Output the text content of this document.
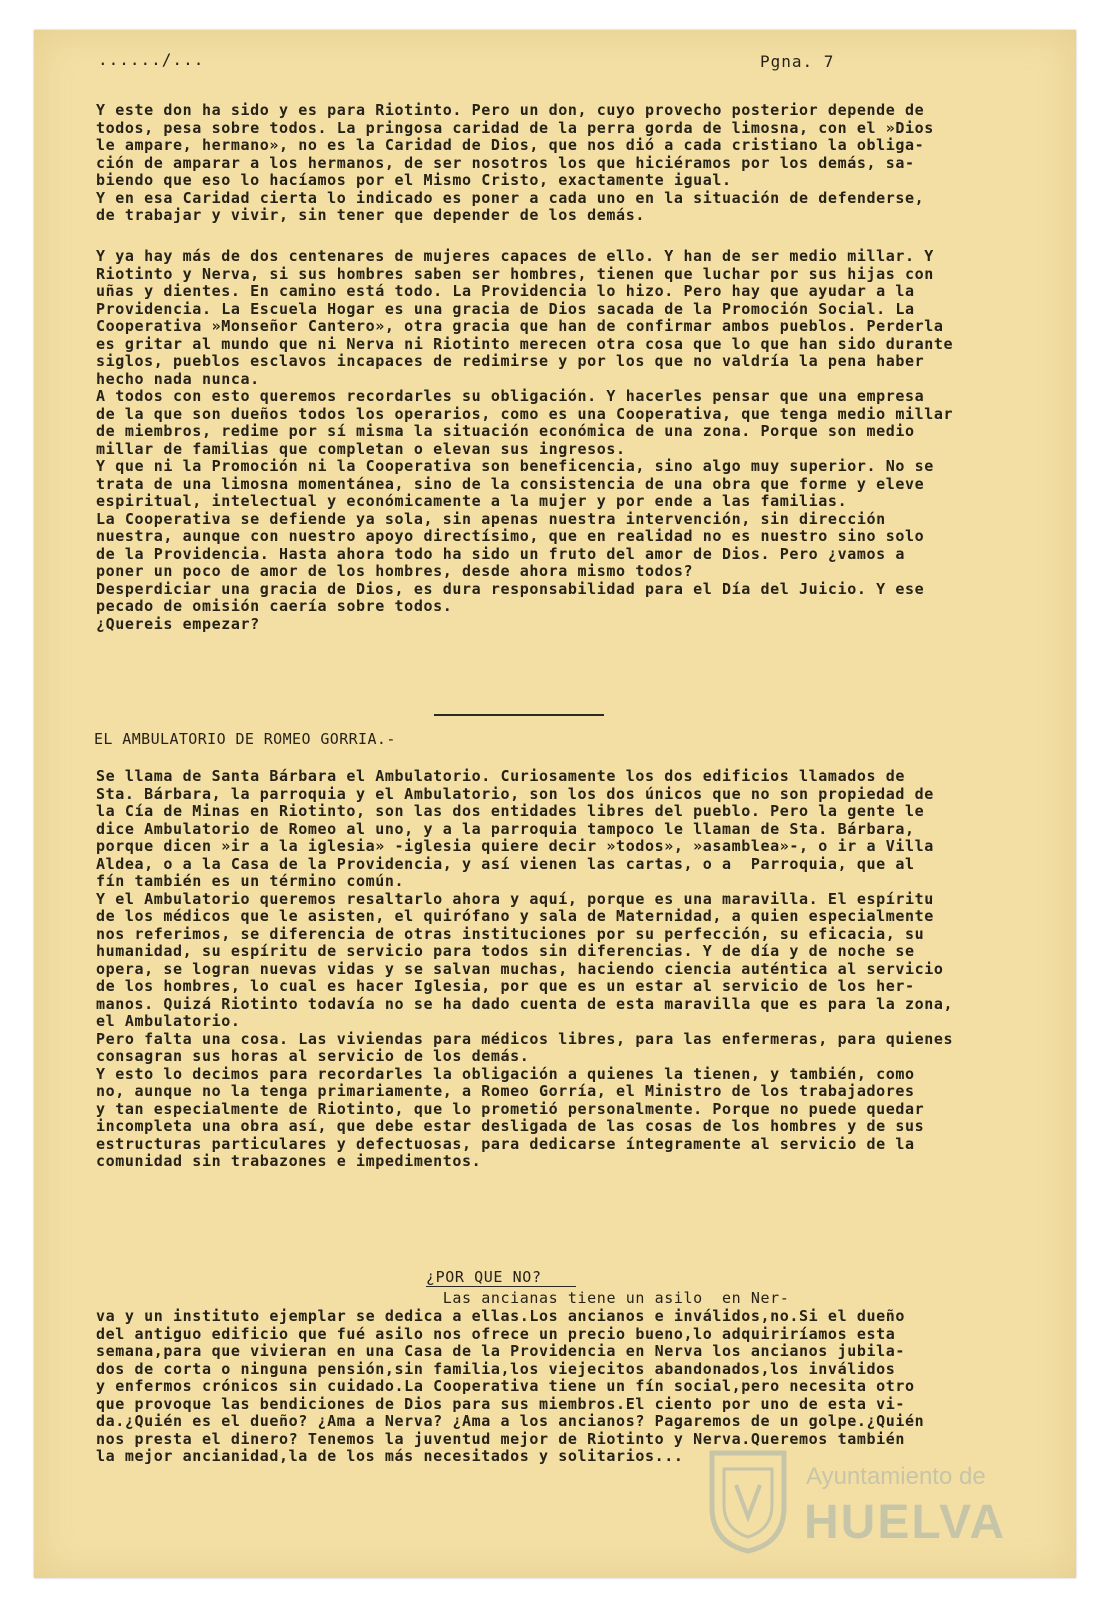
....../...	Pgna. 7

Y este don ha sido y es para Riotinto. Pero un don, cuyo provecho posterior depende de
todos, pesa sobre todos. La pringosa caridad de la perra gorda de limosna, con el »Dios
le ampare, hermano», no es la Caridad de Dios, que nos dió a cada cristiano la obliga-
ción de amparar a los hermanos, de ser nosotros los que hiciéramos por los demás, sa-
biendo que eso lo hacíamos por el Mismo Cristo, exactamente igual.
Y en esa Caridad cierta lo indicado es poner a cada uno en la situación de defenderse,
de trabajar y vivir, sin tener que depender de los demás.

Y ya hay más de dos centenares de mujeres capaces de ello. Y han de ser medio millar. Y
Riotinto y Nerva, si sus hombres saben ser hombres, tienen que luchar por sus hijas con
uñas y dientes. En camino está todo. La Providencia lo hizo. Pero hay que ayudar a la
Providencia. La Escuela Hogar es una gracia de Dios sacada de la Promoción Social. La
Cooperativa »Monseñor Cantero», otra gracia que han de confirmar ambos pueblos. Perderla
es gritar al mundo que ni Nerva ni Riotinto merecen otra cosa que lo que han sido durante
siglos, pueblos esclavos incapaces de redimirse y por los que no valdría la pena haber
hecho nada nunca.
A todos con esto queremos recordarles su obligación. Y hacerles pensar que una empresa
de la que son dueños todos los operarios, como es una Cooperativa, que tenga medio millar
de miembros, redime por sí misma la situación económica de una zona. Porque son medio
millar de familias que completan o elevan sus ingresos.
Y que ni la Promoción ni la Cooperativa son beneficencia, sino algo muy superior. No se
trata de una limosna momentánea, sino de la consistencia de una obra que forme y eleve
espiritual, intelectual y económicamente a la mujer y por ende a las familias.
La Cooperativa se defiende ya sola, sin apenas nuestra intervención, sin dirección
nuestra, aunque con nuestro apoyo directísimo, que en realidad no es nuestro sino solo
de la Providencia. Hasta ahora todo ha sido un fruto del amor de Dios. Pero ¿vamos a
poner un poco de amor de los hombres, desde ahora mismo todos?
Desperdiciar una gracia de Dios, es dura responsabilidad para el Día del Juicio. Y ese
pecado de omisión caería sobre todos.
¿Quereis empezar?

EL AMBULATORIO DE ROMEO GORRIA.-

Se llama de Santa Bárbara el Ambulatorio. Curiosamente los dos edificios llamados de
Sta. Bárbara, la parroquia y el Ambulatorio, son los dos únicos que no son propiedad de
la Cía de Minas en Riotinto, son las dos entidades libres del pueblo. Pero la gente le
dice Ambulatorio de Romeo al uno, y a la parroquia tampoco le llaman de Sta. Bárbara,
porque dicen »ir a la iglesia» -iglesia quiere decir »todos», »asamblea»-, o ir a Villa
Aldea, o a la Casa de la Providencia, y así vienen las cartas, o a  Parroquia, que al
fín también es un término común.
Y el Ambulatorio queremos resaltarlo ahora y aquí, porque es una maravilla. El espíritu
de los médicos que le asisten, el quirófano y sala de Maternidad, a quien especialmente
nos referimos, se diferencia de otras instituciones por su perfección, su eficacia, su
humanidad, su espíritu de servicio para todos sin diferencias. Y de día y de noche se
opera, se logran nuevas vidas y se salvan muchas, haciendo ciencia auténtica al servicio
de los hombres, lo cual es hacer Iglesia, por que es un estar al servicio de los her-
manos. Quizá Riotinto todavía no se ha dado cuenta de esta maravilla que es para la zona,
el Ambulatorio.
Pero falta una cosa. Las viviendas para médicos libres, para las enfermeras, para quienes
consagran sus horas al servicio de los demás.
Y esto lo decimos para recordarles la obligación a quienes la tienen, y también, como
no, aunque no la tenga primariamente, a Romeo Gorría, el Ministro de los trabajadores
y tan especialmente de Riotinto, que lo prometió personalmente. Porque no puede quedar
incompleta una obra así, que debe estar desligada de las cosas de los hombres y de sus
estructuras particulares y defectuosas, para dedicarse íntegramente al servicio de la
comunidad sin trabazones e impedimentos.

¿POR QUE NO?

Las ancianas tiene un asilo  en Ner-

va y un instituto ejemplar se dedica a ellas.Los ancianos e inválidos,no.Si el dueño
del antiguo edificio que fué asilo nos ofrece un precio bueno,lo adquiriríamos esta
semana,para que vivieran en una Casa de la Providencia en Nerva los ancianos jubila-
dos de corta o ninguna pensión,sin familia,los viejecitos abandonados,los inválidos
y enfermos crónicos sin cuidado.La Cooperativa tiene un fín social,pero necesita otro
que provoque las bendiciones de Dios para sus miembros.El ciento por uno de esta vi-
da.¿Quién es el dueño? ¿Ama a Nerva? ¿Ama a los ancianos? Pagaremos de un golpe.¿Quién
nos presta el dinero? Tenemos la juventud mejor de Riotinto y Nerva.Queremos también
la mejor ancianidad,la de los más necesitados y solitarios...

Ayuntamiento de
HUELVA
